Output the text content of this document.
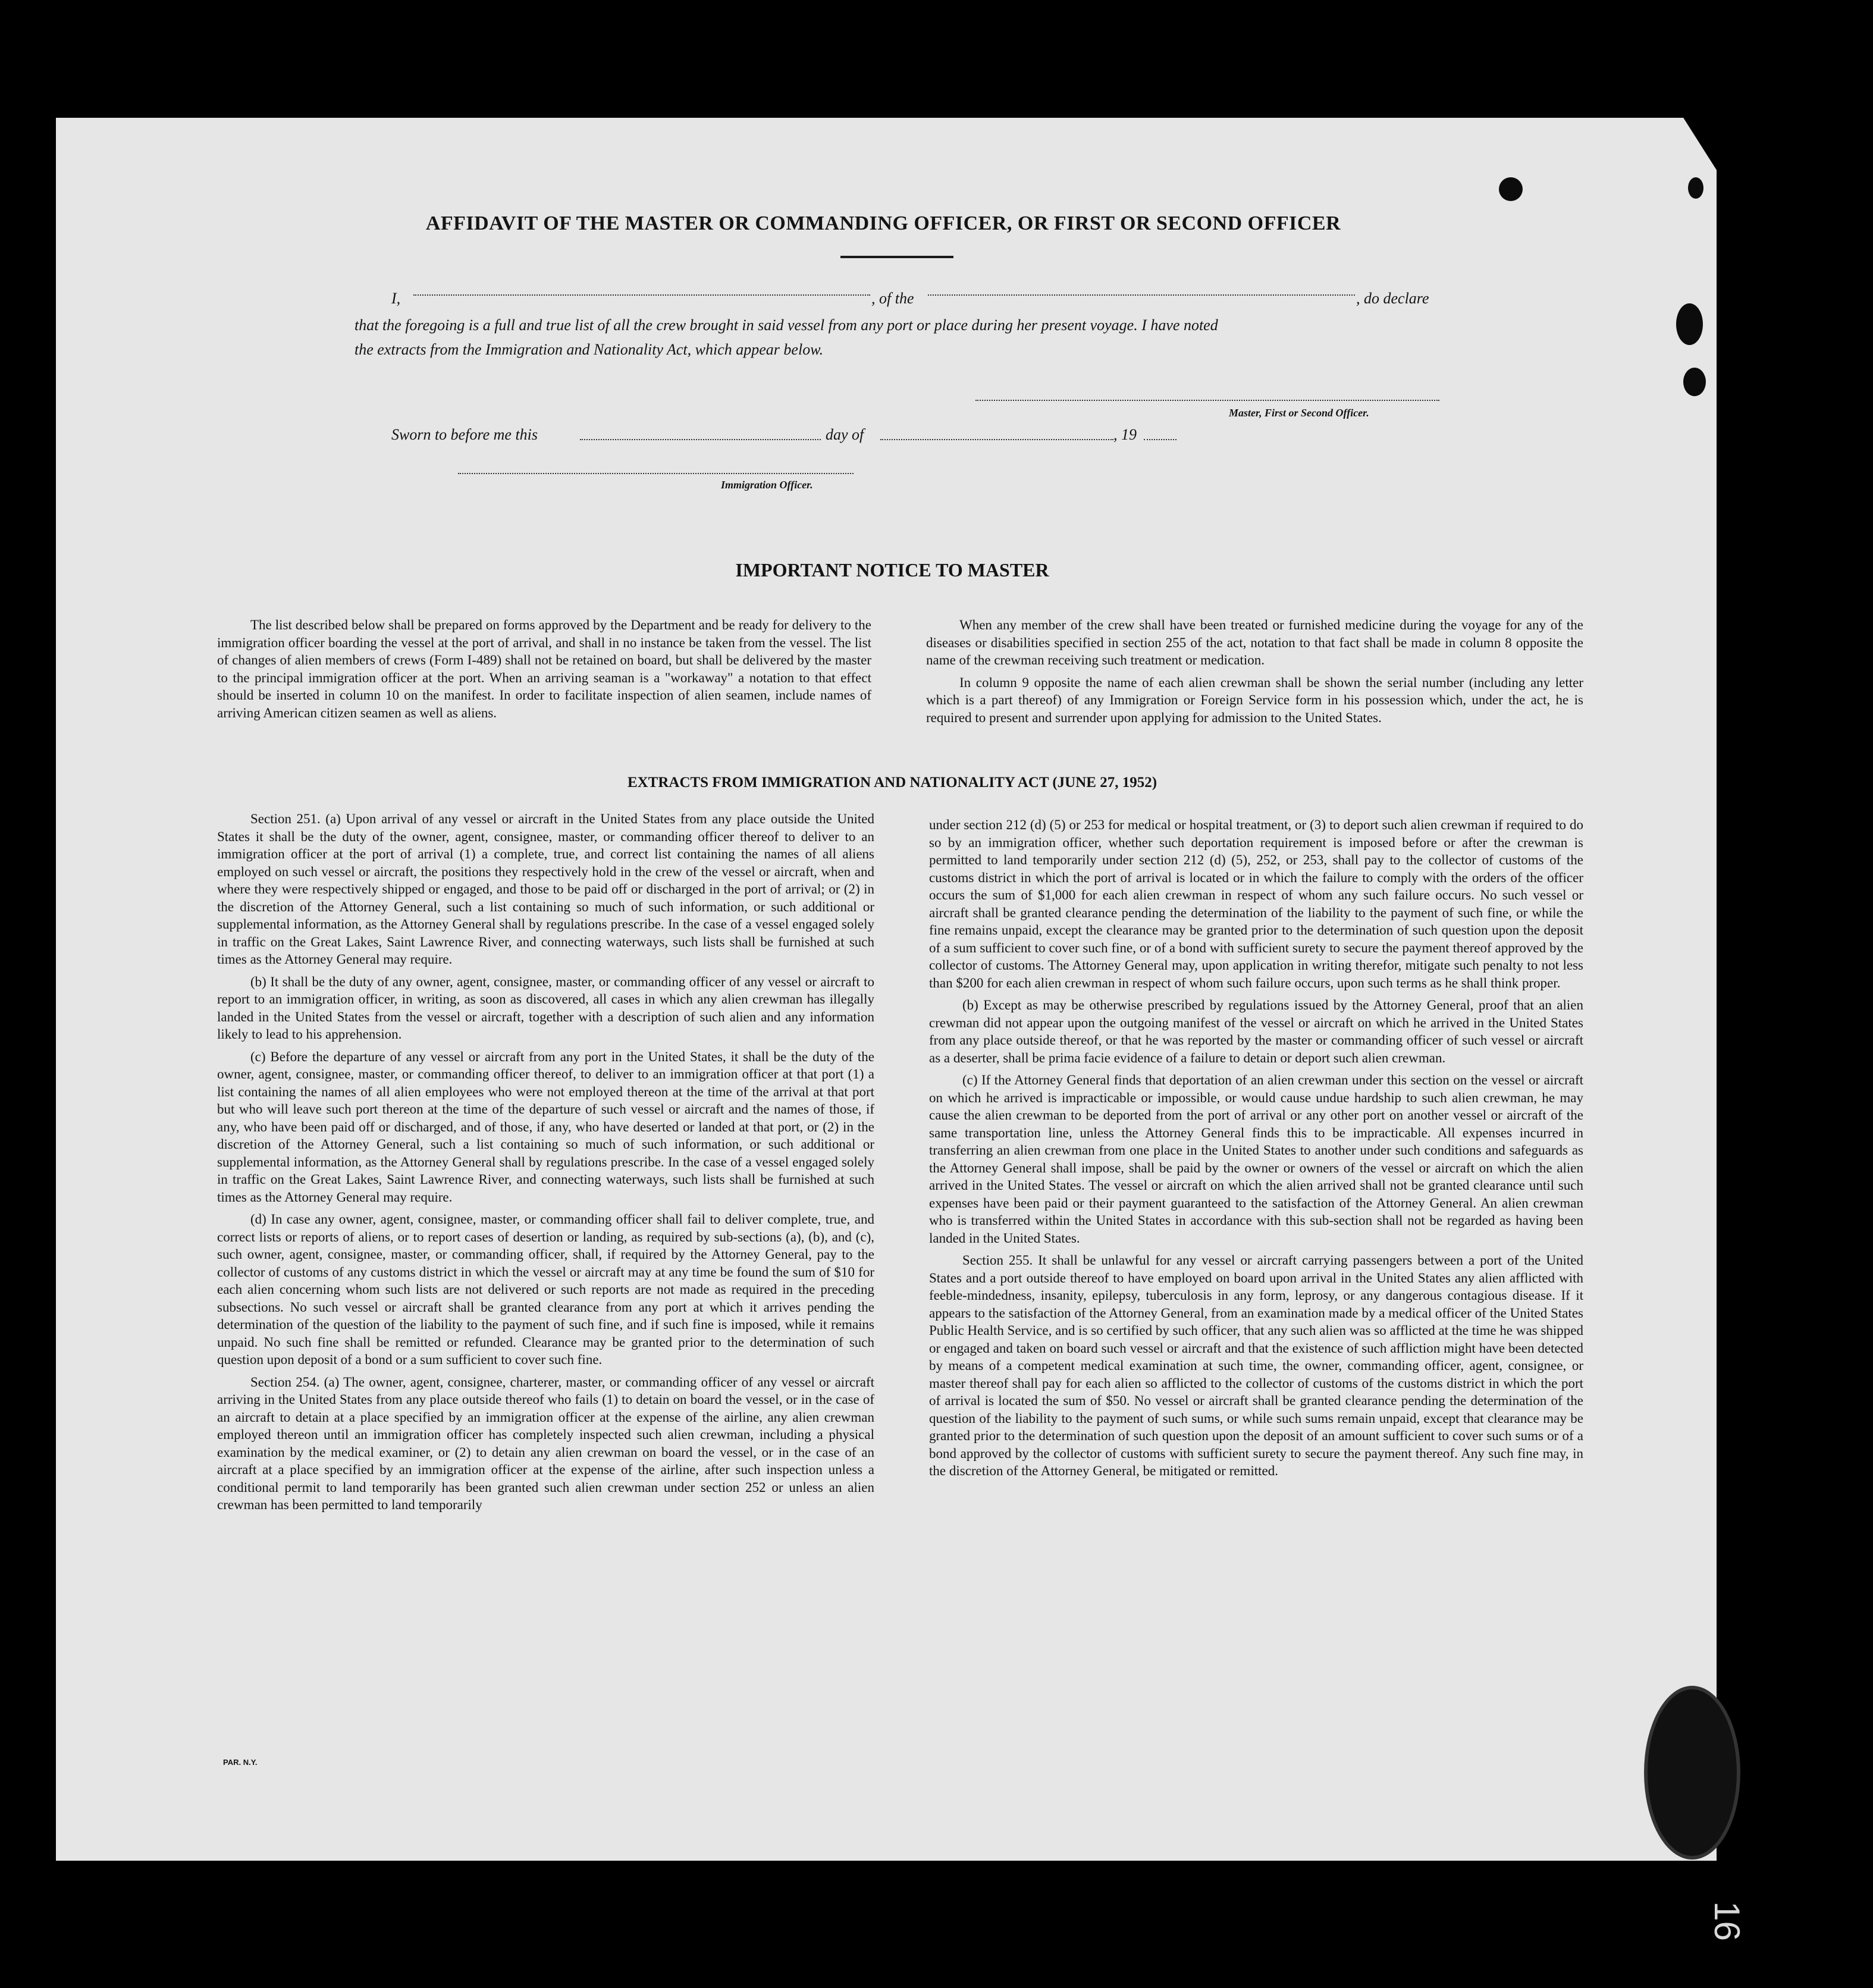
AFFIDAVIT OF THE MASTER OR COMMANDING OFFICER, OR FIRST OR SECOND OFFICER
I,	, of the	, do declare
that the foregoing is a full and true list of all the crew brought in said vessel from any port or place during her present voyage. I have noted
the extracts from the Immigration and Nationality Act, which appear below.
Master, First or Second Officer.
Sworn to before me this	day of	, 19
Immigration Officer.
IMPORTANT NOTICE TO MASTER

The list described below shall be prepared on forms approved by the Department and be ready for delivery to the immigration officer boarding the vessel at the port of arrival, and shall in no instance be taken from the vessel. The list of changes of alien members of crews (Form I-489) shall not be retained on board, but shall be delivered by the master to the principal immigration officer at the port. When an arriving seaman is a "workaway" a notation to that effect should be inserted in column 10 on the manifest. In order to facilitate inspection of alien seamen, include names of arriving American citizen seamen as well as aliens.

When any member of the crew shall have been treated or furnished medicine during the voyage for any of the diseases or disabilities specified in section 255 of the act, notation to that fact shall be made in column 8 opposite the name of the crewman receiving such treatment or medication.

In column 9 opposite the name of each alien crewman shall be shown the serial number (including any letter which is a part thereof) of any Immigration or Foreign Service form in his possession which, under the act, he is required to present and surrender upon applying for admission to the United States.

EXTRACTS FROM IMMIGRATION AND NATIONALITY ACT (JUNE 27, 1952)

Section 251. (a) Upon arrival of any vessel or aircraft in the United States from any place outside the United States it shall be the duty of the owner, agent, consignee, master, or commanding officer thereof to deliver to an immigration officer at the port of arrival (1) a complete, true, and correct list containing the names of all aliens employed on such vessel or aircraft, the positions they respectively hold in the crew of the vessel or aircraft, when and where they were respectively shipped or engaged, and those to be paid off or discharged in the port of arrival; or (2) in the discretion of the Attorney General, such a list containing so much of such information, or such additional or supplemental information, as the Attorney General shall by regulations prescribe. In the case of a vessel engaged solely in traffic on the Great Lakes, Saint Lawrence River, and connecting waterways, such lists shall be furnished at such times as the Attorney General may require.

(b) It shall be the duty of any owner, agent, consignee, master, or commanding officer of any vessel or aircraft to report to an immigration officer, in writing, as soon as discovered, all cases in which any alien crewman has illegally landed in the United States from the vessel or aircraft, together with a description of such alien and any information likely to lead to his apprehension.

(c) Before the departure of any vessel or aircraft from any port in the United States, it shall be the duty of the owner, agent, consignee, master, or commanding officer thereof, to deliver to an immigration officer at that port (1) a list containing the names of all alien employees who were not employed thereon at the time of the arrival at that port but who will leave such port thereon at the time of the departure of such vessel or aircraft and the names of those, if any, who have been paid off or discharged, and of those, if any, who have deserted or landed at that port, or (2) in the discretion of the Attorney General, such a list containing so much of such information, or such additional or supplemental information, as the Attorney General shall by regulations prescribe. In the case of a vessel engaged solely in traffic on the Great Lakes, Saint Lawrence River, and connecting waterways, such lists shall be furnished at such times as the Attorney General may require.

(d) In case any owner, agent, consignee, master, or commanding officer shall fail to deliver complete, true, and correct lists or reports of aliens, or to report cases of desertion or landing, as required by sub-sections (a), (b), and (c), such owner, agent, consignee, master, or commanding officer, shall, if required by the Attorney General, pay to the collector of customs of any customs district in which the vessel or aircraft may at any time be found the sum of $10 for each alien concerning whom such lists are not delivered or such reports are not made as required in the preceding subsections. No such vessel or aircraft shall be granted clearance from any port at which it arrives pending the determination of the question of the liability to the payment of such fine, and if such fine is imposed, while it remains unpaid. No such fine shall be remitted or refunded. Clearance may be granted prior to the determination of such question upon deposit of a bond or a sum sufficient to cover such fine.

Section 254. (a) The owner, agent, consignee, charterer, master, or commanding officer of any vessel or aircraft arriving in the United States from any place outside thereof who fails (1) to detain on board the vessel, or in the case of an aircraft to detain at a place specified by an immigration officer at the expense of the airline, any alien crewman employed thereon until an immigration officer has completely inspected such alien crewman, including a physical examination by the medical examiner, or (2) to detain any alien crewman on board the vessel, or in the case of an aircraft at a place specified by an immigration officer at the expense of the airline, after such inspection unless a conditional permit to land temporarily has been granted such alien crewman under section 252 or unless an alien crewman has been permitted to land temporarily

under section 212 (d) (5) or 253 for medical or hospital treatment, or (3) to deport such alien crewman if required to do so by an immigration officer, whether such deportation requirement is imposed before or after the crewman is permitted to land temporarily under section 212 (d) (5), 252, or 253, shall pay to the collector of customs of the customs district in which the port of arrival is located or in which the failure to comply with the orders of the officer occurs the sum of $1,000 for each alien crewman in respect of whom any such failure occurs. No such vessel or aircraft shall be granted clearance pending the determination of the liability to the payment of such fine, or while the fine remains unpaid, except the clearance may be granted prior to the determination of such question upon the deposit of a sum sufficient to cover such fine, or of a bond with sufficient surety to secure the payment thereof approved by the collector of customs. The Attorney General may, upon application in writing therefor, mitigate such penalty to not less than $200 for each alien crewman in respect of whom such failure occurs, upon such terms as he shall think proper.

(b) Except as may be otherwise prescribed by regulations issued by the Attorney General, proof that an alien crewman did not appear upon the outgoing manifest of the vessel or aircraft on which he arrived in the United States from any place outside thereof, or that he was reported by the master or commanding officer of such vessel or aircraft as a deserter, shall be prima facie evidence of a failure to detain or deport such alien crewman.

(c) If the Attorney General finds that deportation of an alien crewman under this section on the vessel or aircraft on which he arrived is impracticable or impossible, or would cause undue hardship to such alien crewman, he may cause the alien crewman to be deported from the port of arrival or any other port on another vessel or aircraft of the same transportation line, unless the Attorney General finds this to be impracticable. All expenses incurred in transferring an alien crewman from one place in the United States to another under such conditions and safeguards as the Attorney General shall impose, shall be paid by the owner or owners of the vessel or aircraft on which the alien arrived in the United States. The vessel or aircraft on which the alien arrived shall not be granted clearance until such expenses have been paid or their payment guaranteed to the satisfaction of the Attorney General. An alien crewman who is transferred within the United States in accordance with this sub-section shall not be regarded as having been landed in the United States.

Section 255. It shall be unlawful for any vessel or aircraft carrying passengers between a port of the United States and a port outside thereof to have employed on board upon arrival in the United States any alien afflicted with feeble-mindedness, insanity, epilepsy, tuberculosis in any form, leprosy, or any dangerous contagious disease. If it appears to the satisfaction of the Attorney General, from an examination made by a medical officer of the United States Public Health Service, and is so certified by such officer, that any such alien was so afflicted at the time he was shipped or engaged and taken on board such vessel or aircraft and that the existence of such affliction might have been detected by means of a competent medical examination at such time, the owner, commanding officer, agent, consignee, or master thereof shall pay for each alien so afflicted to the collector of customs of the customs district in which the port of arrival is located the sum of $50. No vessel or aircraft shall be granted clearance pending the determination of the question of the liability to the payment of such sums, or while such sums remain unpaid, except that clearance may be granted prior to the determination of such question upon the deposit of an amount sufficient to cover such sums or of a bond approved by the collector of customs with sufficient surety to secure the payment thereof. Any such fine may, in the discretion of the Attorney General, be mitigated or remitted.

PAR. N.Y.
16
